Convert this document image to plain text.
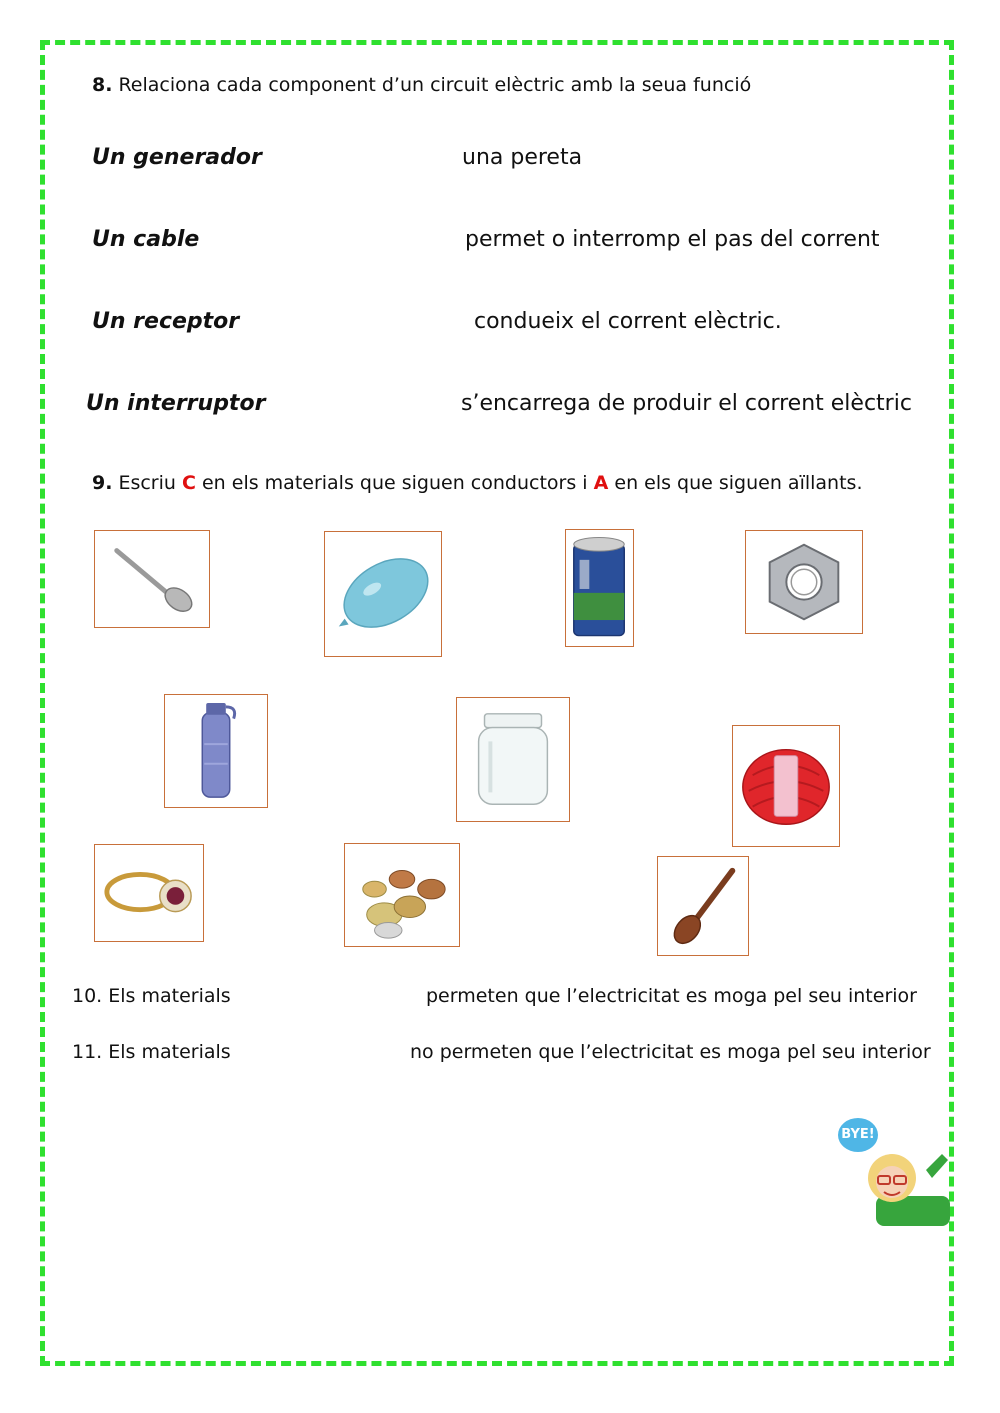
8. Relaciona cada component d’un circuit elèctric amb la seua funció
Un generador
Un cable
Un receptor
Un interruptor
una pereta
permet o interromp el pas del corrent
condueix el corrent elèctric.
s’encarrega de produir el corrent elèctric
9. Escriu C en els materials que siguen conductors i A en els que siguen aïllants.
10. Els materials	permeten que l’electricitat es moga pel seu interior
11. Els materials	no permeten que l’electricitat es moga pel seu interior
BYE!
